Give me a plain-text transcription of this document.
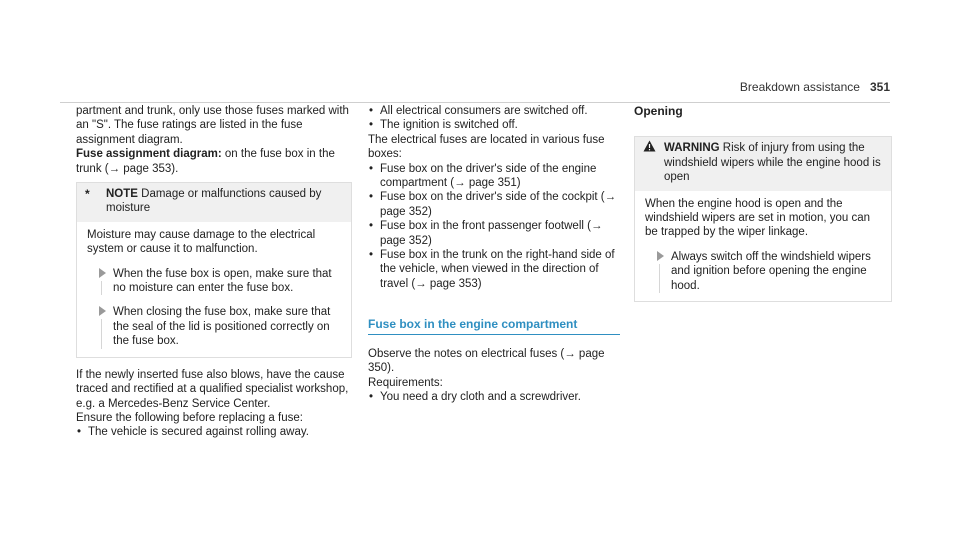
Breakdown assistance 351

partment and trunk, only use those fuses marked with an "S". The fuse ratings are listed in the fuse assignment diagram.

Fuse assignment diagram: on the fuse box in the trunk (→ page 353).

* NOTE Damage or malfunctions caused by moisture

Moisture may cause damage to the electrical system or cause it to malfunction.

When the fuse box is open, make sure that no moisture can enter the fuse box.
When closing the fuse box, make sure that the seal of the lid is positioned correctly on the fuse box.

If the newly inserted fuse also blows, have the cause traced and rectified at a qualified specialist workshop, e.g. a Mercedes-Benz Service Center.

Ensure the following before replacing a fuse:

• The vehicle is secured against rolling away.
• All electrical consumers are switched off.
• The ignition is switched off.

The electrical fuses are located in various fuse boxes:

• Fuse box on the driver's side of the engine compartment (→ page 351)
• Fuse box on the driver's side of the cockpit (→ page 352)
• Fuse box in the front passenger footwell (→ page 352)
• Fuse box in the trunk on the right-hand side of the vehicle, when viewed in the direction of travel (→ page 353)
Fuse box in the engine compartment

Observe the notes on electrical fuses (→ page 350).

Requirements:

• You need a dry cloth and a screwdriver.

Opening

WARNING Risk of injury from using the windshield wipers while the engine hood is open

When the engine hood is open and the windshield wipers are set in motion, you can be trapped by the wiper linkage.

Always switch off the windshield wipers and ignition before opening the engine hood.
